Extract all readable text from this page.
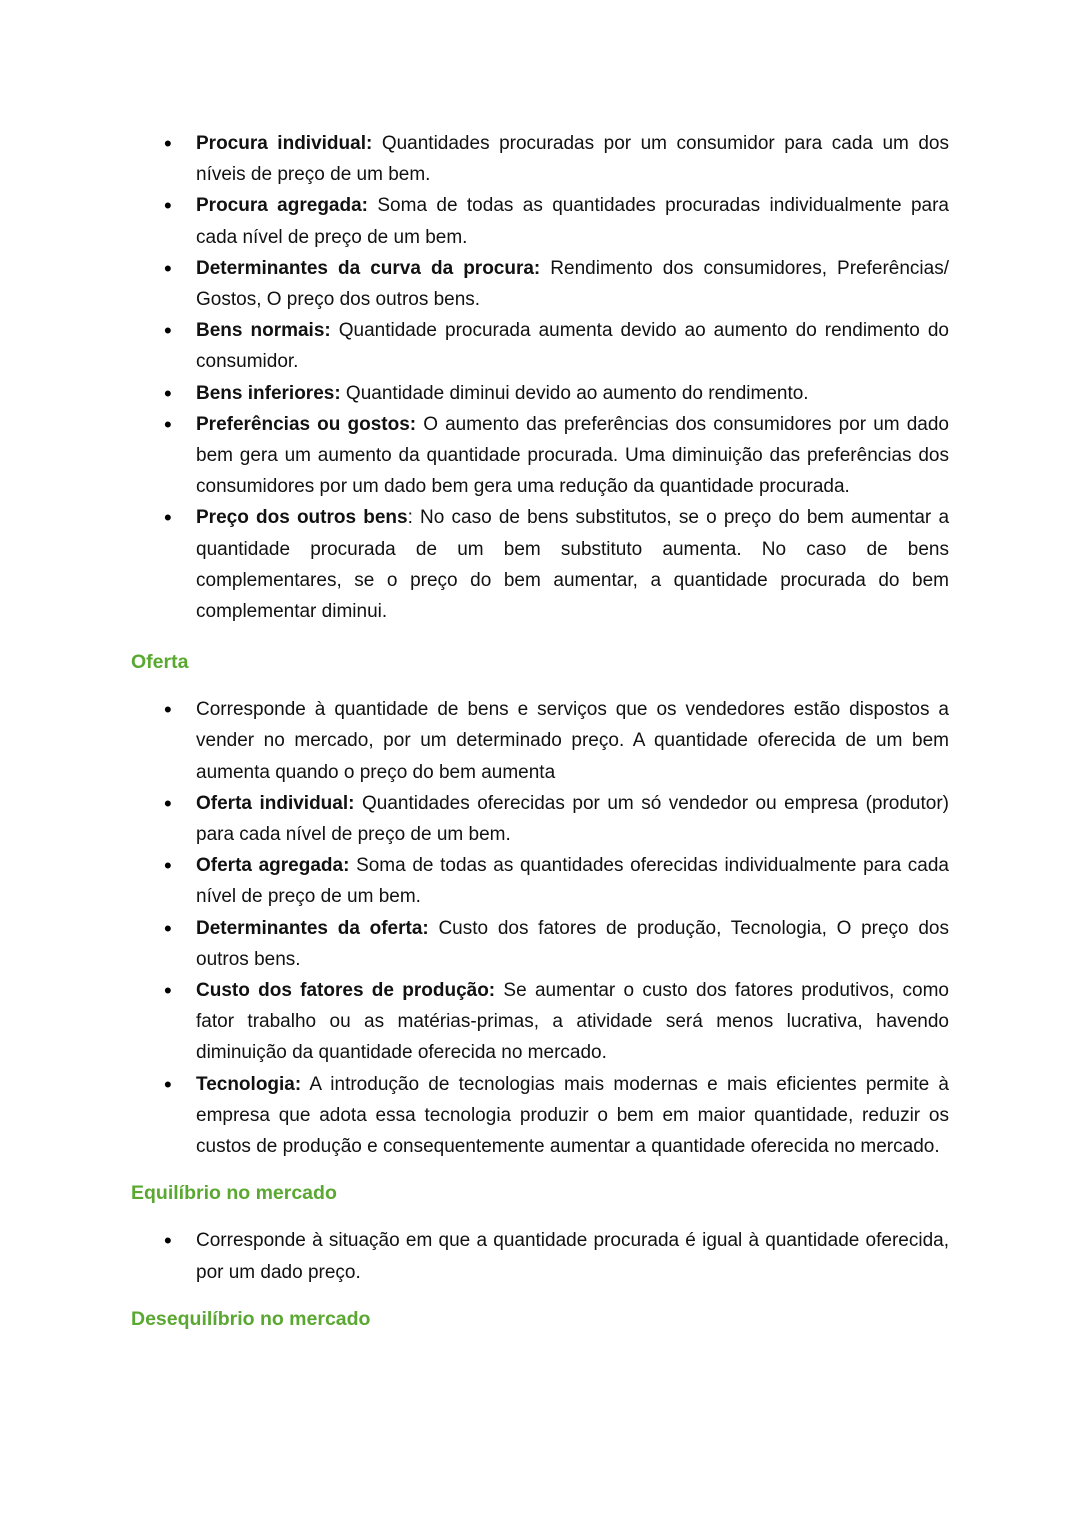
• Procura individual: Quantidades procuradas por um consumidor para cada um dos níveis de preço de um bem.
• Procura agregada: Soma de todas as quantidades procuradas individualmente para cada nível de preço de um bem.
• Determinantes da curva da procura: Rendimento dos consumidores, Preferências/ Gostos, O preço dos outros bens.
• Bens normais: Quantidade procurada aumenta devido ao aumento do rendimento do consumidor.
• Bens inferiores: Quantidade diminui devido ao aumento do rendimento.
• Preferências ou gostos: O aumento das preferências dos consumidores por um dado bem gera um aumento da quantidade procurada. Uma diminuição das preferências dos consumidores por um dado bem gera uma redução da quantidade procurada.
• Preço dos outros bens: No caso de bens substitutos, se o preço do bem aumentar a quantidade procurada de um bem substituto aumenta. No caso de bens complementares, se o preço do bem aumentar, a quantidade procurada do bem complementar diminui.
Oferta
• Corresponde à quantidade de bens e serviços que os vendedores estão dispostos a vender no mercado, por um determinado preço. A quantidade oferecida de um bem aumenta quando o preço do bem aumenta
• Oferta individual: Quantidades oferecidas por um só vendedor ou empresa (produtor) para cada nível de preço de um bem.
• Oferta agregada: Soma de todas as quantidades oferecidas individualmente para cada nível de preço de um bem.
• Determinantes da oferta: Custo dos fatores de produção, Tecnologia, O preço dos outros bens.
• Custo dos fatores de produção: Se aumentar o custo dos fatores produtivos, como fator trabalho ou as matérias-primas, a atividade será menos lucrativa, havendo diminuição da quantidade oferecida no mercado.
• Tecnologia: A introdução de tecnologias mais modernas e mais eficientes permite à empresa que adota essa tecnologia produzir o bem em maior quantidade, reduzir os custos de produção e consequentemente aumentar a quantidade oferecida no mercado.
Equilíbrio no mercado
• Corresponde à situação em que a quantidade procurada é igual à quantidade oferecida, por um dado preço.
Desequilíbrio no mercado
